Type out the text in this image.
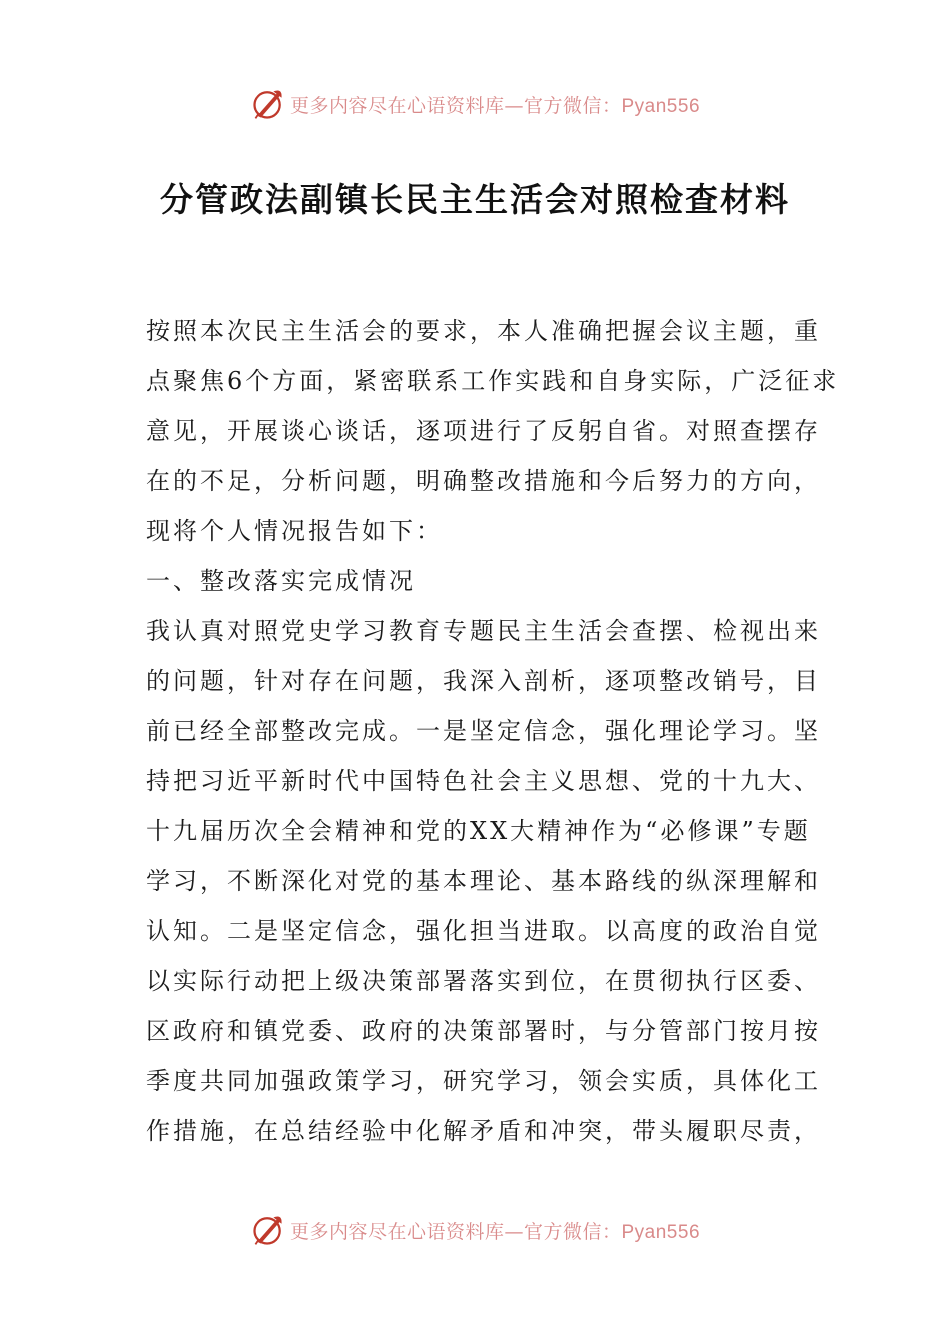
更多内容尽在心语资料库—官方微信：Pyan556
分管政法副镇长民主生活会对照检查材料
按照本次民主生活会的要求，本人准确把握会议主题，重
点聚焦6个方面，紧密联系工作实践和自身实际，广泛征求
意见，开展谈心谈话，逐项进行了反躬自省。对照查摆存
在的不足，分析问题，明确整改措施和今后努力的方向，
现将个人情况报告如下：
一、整改落实完成情况
我认真对照党史学习教育专题民主生活会查摆、检视出来
的问题，针对存在问题，我深入剖析，逐项整改销号，目
前已经全部整改完成。一是坚定信念，强化理论学习。坚
持把习近平新时代中国特色社会主义思想、党的十九大、
十九届历次全会精神和党的XX大精神作为“必修课”专题
学习，不断深化对党的基本理论、基本路线的纵深理解和
认知。二是坚定信念，强化担当进取。以高度的政治自觉
以实际行动把上级决策部署落实到位，在贯彻执行区委、
区政府和镇党委、政府的决策部署时，与分管部门按月按
季度共同加强政策学习，研究学习，领会实质，具体化工
作措施，在总结经验中化解矛盾和冲突，带头履职尽责，
更多内容尽在心语资料库—官方微信：Pyan556
